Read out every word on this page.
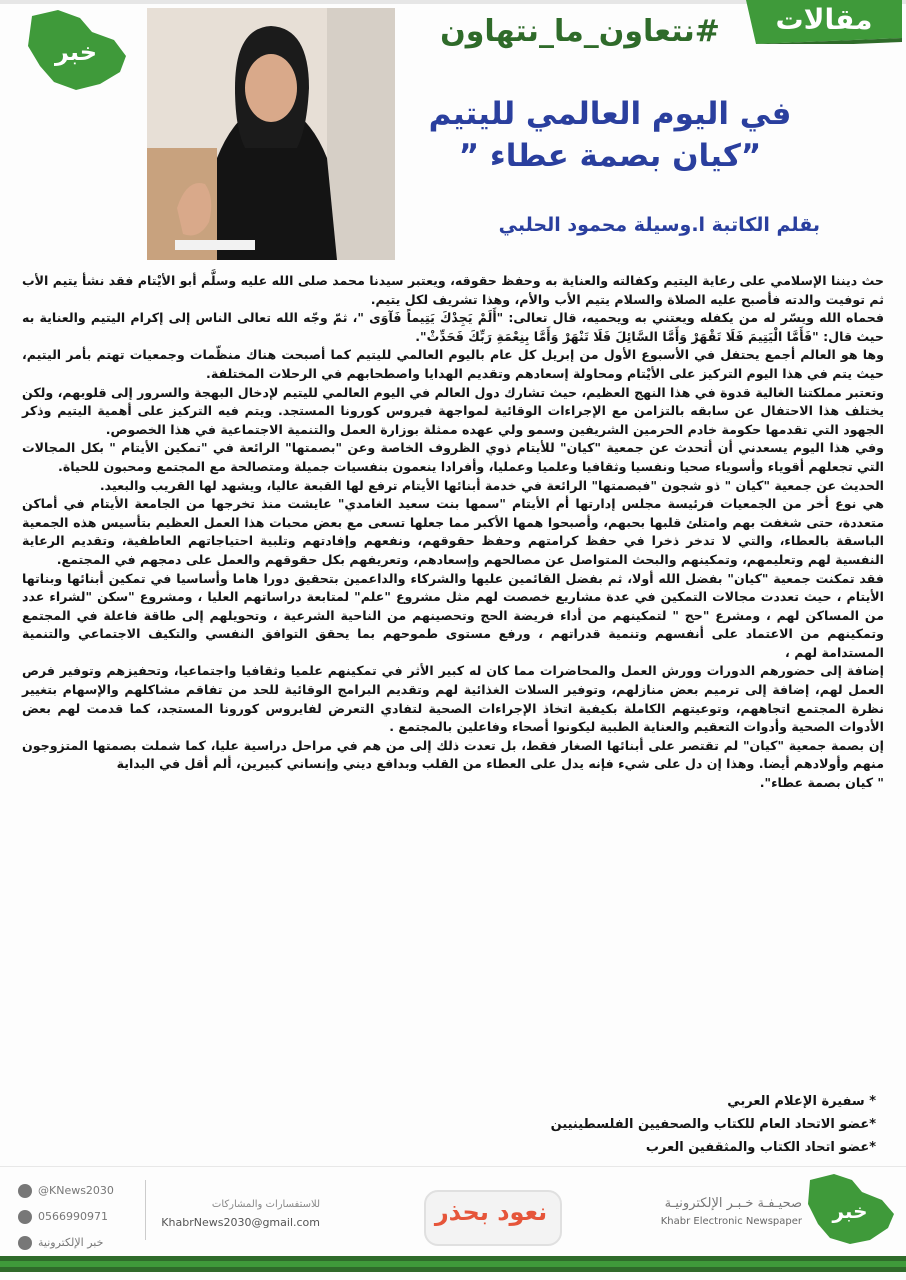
خبر
مقالات
#نتعاون_ما_نتهاون
في اليوم العالمي لليتيم
”كيان بصمة عطاء ”
بقلم الكاتبة ا.وسيلة محمود الحلبي

حث ديننا الإسلامي على رعاية اليتيم وكفالته والعناية به وحفظ حقوقه، ويعتبر سيدنا محمد صلى الله عليه وسلَّم أبو الأيْتام فقد نشأ يتيم الأب ثم توفيت والدته فأصبح عليه الصلاة والسلام يتيم الأب والأم، وهذا تشريف لكل يتيم.

فحماه الله ويسّر له من يكفله ويعتني به ويحميه، قال تعالى: "أَلَمْ يَجِدْكَ يَتِيماً فَآوَى "، ثمّ وجّه الله تعالى الناس إلى إكرام اليتيم والعناية به حيث قال: "فَأَمَّا الْيَتِيمَ فَلَا تَقْهَرْ وَأَمَّا السَّائِلَ فَلَا تَنْهَرْ وَأَمَّا بِنِعْمَةِ رَبِّكَ فَحَدِّثْ".

وها هو العالم أجمع يحتفل في الأسبوع الأول من إبريل كل عام باليوم العالمي لليتيم كما أصبحت هناك منظّمات وجمعيات تهتم بأمر اليتيم، حيث يتم في هذا اليوم التركيز على الأيْتام ومحاولة إسعادهم وتقديم الهدايا واصطحابهم في الرحلات المختلفة.

وتعتبر مملكتنا الغالية قدوة في هذا النهج العظيم، حيث تشارك دول العالم في اليوم العالمي لليتيم لإدخال البهجة والسرور إلى قلوبهم، ولكن يختلف هذا الاحتفال عن سابقه بالتزامن مع الإجراءات الوقائية لمواجهة فيروس كورونا المستجد. ويتم فيه التركيز على أهمية اليتيم وذكر الجهود التي تقدمها حكومة خادم الحرمين الشريفين وسمو ولي عهده ممثلة بوزارة العمل والتنمية الاجتماعية في هذا الخصوص.

وفي هذا اليوم يسعدني أن أتحدث عن جمعية "كيان" للأيتام ذوي الظروف الخاصة وعن "بصمتها" الرائعة في "تمكين الأيتام " بكل المجالات التي تجعلهم أقوياء وأسوياء صحيا ونفسيا وثقافيا وعلميا وعمليا، وأفرادا ينعمون بنفسيات جميلة ومتصالحة مع المجتمع ومحبون للحياة.

الحديث عن جمعية "كيان " ذو شجون "فبصمتها" الرائعة في خدمة أبنائها الأيتام ترفع لها القبعة عاليا، ويشهد لها القريب والبعيد.

هي نوع أخر من الجمعيات فرئيسة مجلس إدارتها أم الأيتام "سمها بنت سعيد الغامدي" عايشت منذ تخرجها من الجامعة الأيتام في أماكن متعددة، حتى شغفت بهم وامتلئ قلبها بحبهم، وأصبحوا همها الأكبر مما جعلها تسعى مع بعض محبات هذا العمل العظيم بتأسيس هذه الجمعية الباسقة بالعطاء، والتي لا تدخر ذخرا في حفظ كرامتهم وحفظ حقوقهم، ونفعهم وإفادتهم وتلبية احتياجاتهم العاطفية، وتقديم الرعاية النفسية لهم وتعليمهم، وتمكينهم والبحث المتواصل عن مصالحهم وإسعادهم، وتعريفهم بكل حقوقهم والعمل على دمجهم في المجتمع.

فقد تمكنت جمعية "كيان" بفضل الله أولا، ثم بفضل القائمين عليها والشركاء والداعمين بتحقيق دورا هاما وأساسيا في تمكين أبنائها وبناتها الأيتام ، حيث تعددت مجالات التمكين في عدة مشاريع خصصت لهم مثل مشروع "علم" لمتابعة دراساتهم العليا ، ومشروع "سكن "لشراء عدد من المساكن لهم ، ومشرع "حج " لتمكينهم من أداء فريضة الحج وتحصينهم من الناحية الشرعية ، وتحويلهم إلى طاقة فاعلة في المجتمع وتمكينهم من الاعتماد على أنفسهم وتنمية قدراتهم ، ورفع مستوى طموحهم بما يحقق التوافق النفسي والتكيف الاجتماعي والتنمية المستدامة لهم ،

إضافة إلى حضورهم الدورات وورش العمل والمحاضرات مما كان له كبير الأثر في تمكينهم علميا وثقافيا واجتماعيا، وتحفيزهم وتوفير فرص العمل لهم، إضافة إلى ترميم بعض منازلهم، وتوفير السلات الغذائية لهم وتقديم البرامج الوقائية للحد من تفاقم مشاكلهم والإسهام بتغيير نظرة المجتمع اتجاههم، وتوعيتهم الكاملة بكيفية اتخاذ الإجراءات الصحية لتفادي التعرض لفايروس كورونا المستجد، كما قدمت لهم بعض الأدوات الصحية وأدوات التعقيم والعناية الطبية ليكونوا أصحاء وفاعلين بالمجتمع .

إن بصمة جمعية "كيان" لم تقتصر على أبنائها الصغار فقط، بل تعدت ذلك إلى من هم في مراحل دراسية عليا، كما شملت بصمتها المتزوجون منهم وأولادهم أيضا. وهذا إن دل على شيء فإنه يدل على العطاء من القلب وبدافع ديني وإنساني كبيرين، ألم أقل في البداية

" كيان بصمة عطاء".

* سفيرة الإعلام العربي
*عضو الاتحاد العام للكتاب والصحفيين الفلسطينيين
*عضو اتحاد الكتاب والمثقفين العرب
@KNews2030
0566990971
خبر الإلكترونية
للاستفسارات والمشاركات
KhabrNews2030@gmail.com	نعود بحذر	صحيـفـة خـبـر الإلكترونيـة
Khabr Electronic Newspaper خبر
